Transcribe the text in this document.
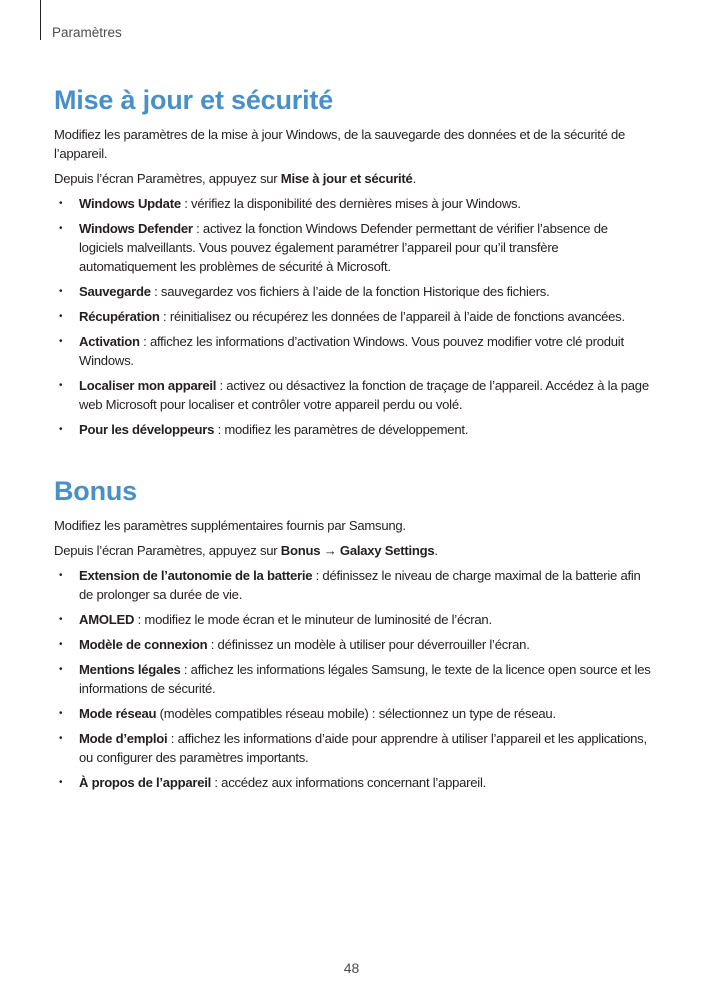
Paramètres
Mise à jour et sécurité

Modifiez les paramètres de la mise à jour Windows, de la sauvegarde des données et de la sécurité de l’appareil.

Depuis l’écran Paramètres, appuyez sur Mise à jour et sécurité.

• Windows Update : vérifiez la disponibilité des dernières mises à jour Windows.
• Windows Defender : activez la fonction Windows Defender permettant de vérifier l’absence de logiciels malveillants. Vous pouvez également paramétrer l’appareil pour qu’il transfère automatiquement les problèmes de sécurité à Microsoft.
• Sauvegarde : sauvegardez vos fichiers à l’aide de la fonction Historique des fichiers.
• Récupération : réinitialisez ou récupérez les données de l’appareil à l’aide de fonctions avancées.
• Activation : affichez les informations d’activation Windows. Vous pouvez modifier votre clé produit Windows.
• Localiser mon appareil : activez ou désactivez la fonction de traçage de l’appareil. Accédez à la page web Microsoft pour localiser et contrôler votre appareil perdu ou volé.
• Pour les développeurs : modifiez les paramètres de développement.
Bonus

Modifiez les paramètres supplémentaires fournis par Samsung.

Depuis l’écran Paramètres, appuyez sur Bonus → Galaxy Settings.

• Extension de l’autonomie de la batterie : définissez le niveau de charge maximal de la batterie afin de prolonger sa durée de vie.
• AMOLED : modifiez le mode écran et le minuteur de luminosité de l’écran.
• Modèle de connexion : définissez un modèle à utiliser pour déverrouiller l’écran.
• Mentions légales : affichez les informations légales Samsung, le texte de la licence open source et les informations de sécurité.
• Mode réseau (modèles compatibles réseau mobile) : sélectionnez un type de réseau.
• Mode d’emploi : affichez les informations d’aide pour apprendre à utiliser l’appareil et les applications, ou configurer des paramètres importants.
• À propos de l’appareil : accédez aux informations concernant l’appareil.
48
